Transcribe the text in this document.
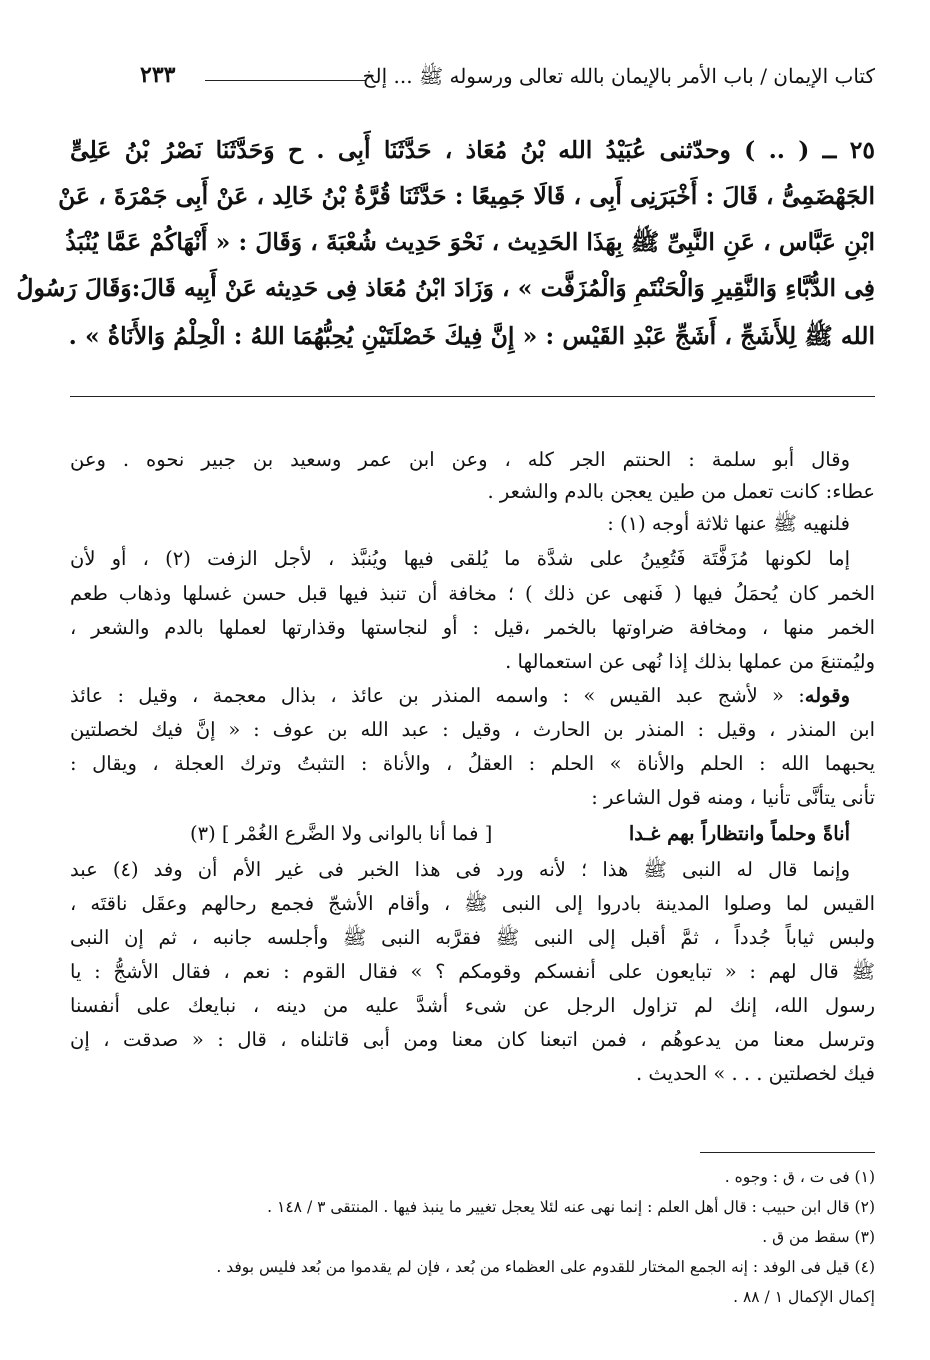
كتاب الإيمان / باب الأمر بالإيمان بالله تعالى ورسوله ﷺ ... إلخ
٢٣٣
٢٥ ــ ( .. ) وحدّثنى عُبَيْدُ الله بْنُ مُعَاذ ، حَدَّثَنَا أَبِى . ح وَحَدَّثَنَا نَصْرُ بْنُ عَلِىٍّ
الجَهْضَمِىُّ ، قَالَ : أَخْبَرَنِى أَبِى ، قَالَا جَمِيعًا : حَدَّثَنَا قُرَّةُ بْنُ خَالِد ، عَنْ أَبِى جَمْرَةَ ، عَنْ
ابْنِ عَبَّاس ، عَنِ النَّبِىِّ ﷺ بِهَذَا الحَدِيث ، نَحْوَ حَدِيث شُعْبَةَ ، وَقَالَ : « أَنْهَاكُمْ عَمَّا يُنْبَذُ
فِى الدُّبَّاءِ وَالنَّقِيرِ وَالْحَنْتَمِ وَالْمُزَفَّت » ، وَزَادَ ابْنُ مُعَاذ فِى حَدِيثه عَنْ أَبِيه قَالَ:وَقَالَ رَسُولُ
الله ﷺ لِلأَشَجِّ ، أَشَجِّ عَبْدِ القَيْس : « إِنَّ فِيكَ خَصْلَتَيْنِ يُحِبُّهُمَا اللهُ : الْحِلْمُ وَالأَنَاةُ » .
وقال أبو سلمة : الحنتم الجر كله ، وعن ابن عمر وسعيد بن جبير نحوه . وعن
عطاء: كانت تعمل من طين يعجن بالدم والشعر .
فلنهيه ﷺ عنها ثلاثة أوجه (١) :
إما لكونها مُزَفَّتَة فَتُعِينُ على شدَّة ما يُلقى فيها ويُنبَّذ ، لأجل الزفت (٢) ، أو لأن
الخمر كان يُحمَلُ فيها ( فَنهى عن ذلك ) ؛ مخافة أن تنبذ فيها قبل حسن غسلها وذهاب طعم
الخمر منها ، ومخافة ضراوتها بالخمر ،قيل : أو لنجاستها وقذارتها لعملها بالدم والشعر ،
وليُمتنعَ من عملها بذلك إذا نُهى عن استعمالها .
وقوله: « لأشج عبد القيس » : واسمه المنذر بن عائذ ، بذال معجمة ، وقيل : عائذ
ابن المنذر ، وقيل : المنذر بن الحارث ، وقيل : عبد الله بن عوف : « إنَّ فيك لخصلتين
يحبهما الله : الحلم والأناة » الحلم : العقلُ ، والأناة : التثبتُ وترك العجلة ، ويقال :
تأنى يتأنَّى تأنيا ، ومنه قول الشاعر :
أناةً وحلماً وانتظاراً بهم غـدا
[ فما أنا بالوانى ولا الضَّرع الغُمْر ] (٣)
وإنما قال له النبى ﷺ هذا ؛ لأنه ورد فى هذا الخبر فى غير الأم أن وفد (٤) عبد
القيس لما وصلوا المدينة بادروا إلى النبى ﷺ ، وأقام الأشجّ فجمع رحالهم وعقَل ناقتَه ،
ولبس ثياباً جُدداً ، ثمَّ أقبل إلى النبى ﷺ فقرَّبه النبى ﷺ وأجلسه جانبه ، ثم إن النبى
ﷺ قال لهم : « تبايعون على أنفسكم وقومكم ؟ » فقال القوم : نعم ، فقال الأشجُّ : يا
رسول الله، إنك لم تزاول الرجل عن شىء أشدَّ عليه من دينه ، نبايعك على أنفسنا
وترسل معنا من يدعوهُم ، فمن اتبعنا كان معنا ومن أبى قاتلناه ، قال : « صدقت ، إن
فيك لخصلتين . . . » الحديث .
(١) فى ت ، ق : وجوه .
(٢) قال ابن حبيب : قال أهل العلم : إنما نهى عنه لئلا يعجل تغيير ما ينبذ فيها . المنتقى ٣ / ١٤٨ .
(٣) سقط من ق .
(٤) قيل فى الوفد : إنه الجمع المختار للقدوم على العظماء من بُعد ، فإن لم يقدموا من بُعد فليس بوفد .
إكمال الإكمال ١ / ٨٨ .
